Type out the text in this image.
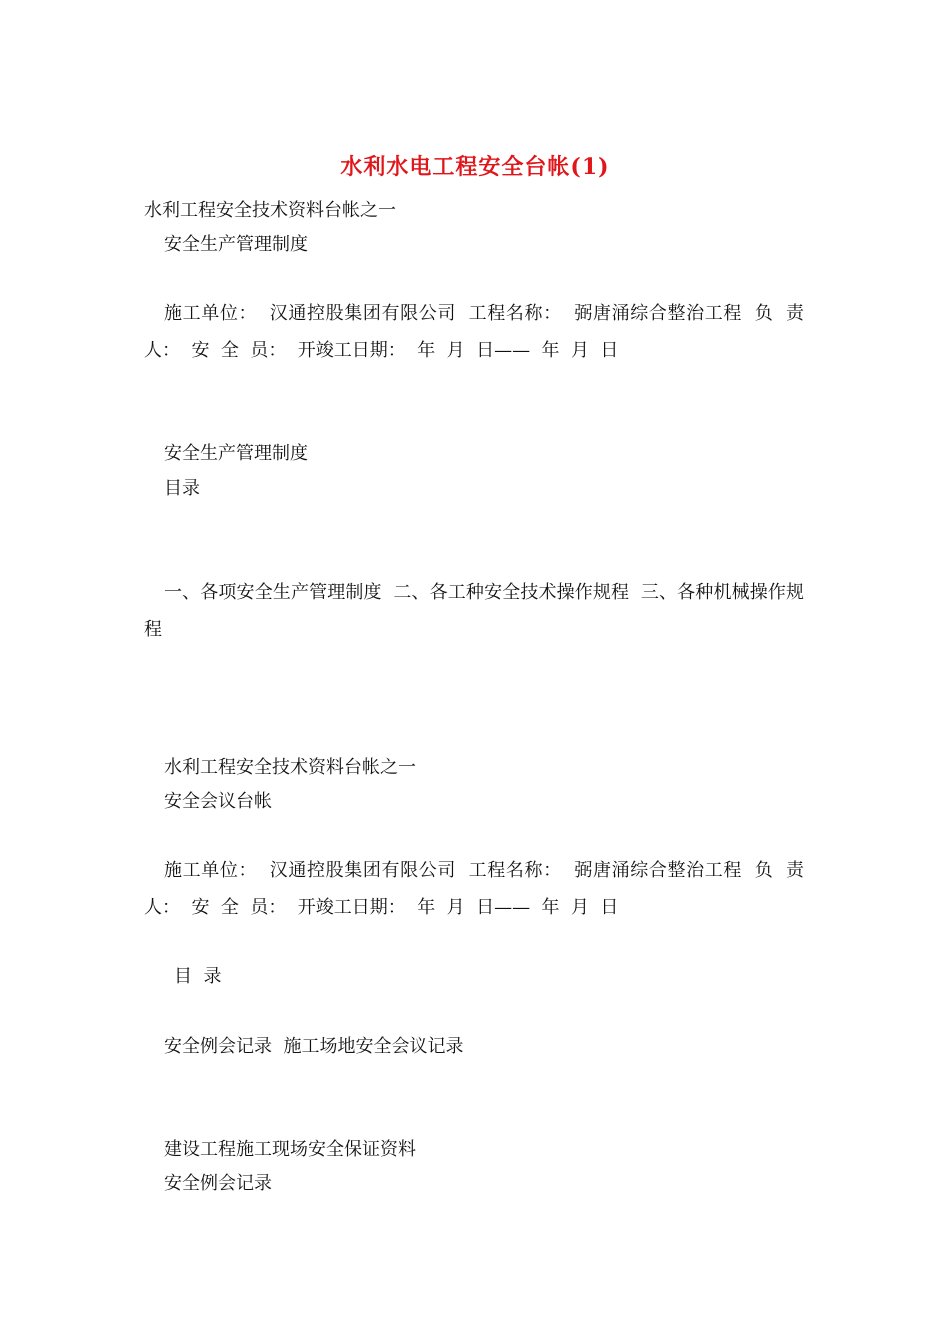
水利水电工程安全台帐(1)
水利工程安全技术资料台帐之一
安全生产管理制度
施工单位：  汉通控股集团有限公司  工程名称：  弼唐涌综合整治工程  负  责人：  安  全  员：  开竣工日期：  年  月  日——  年  月  日
安全生产管理制度
目录
一、各项安全生产管理制度  二、各工种安全技术操作规程  三、各种机械操作规程
水利工程安全技术资料台帐之一
安全会议台帐
施工单位：  汉通控股集团有限公司  工程名称：  弼唐涌综合整治工程  负  责人：  安  全  员：  开竣工日期：  年  月  日——  年  月  日
目  录
安全例会记录  施工场地安全会议记录
建设工程施工现场安全保证资料
安全例会记录
